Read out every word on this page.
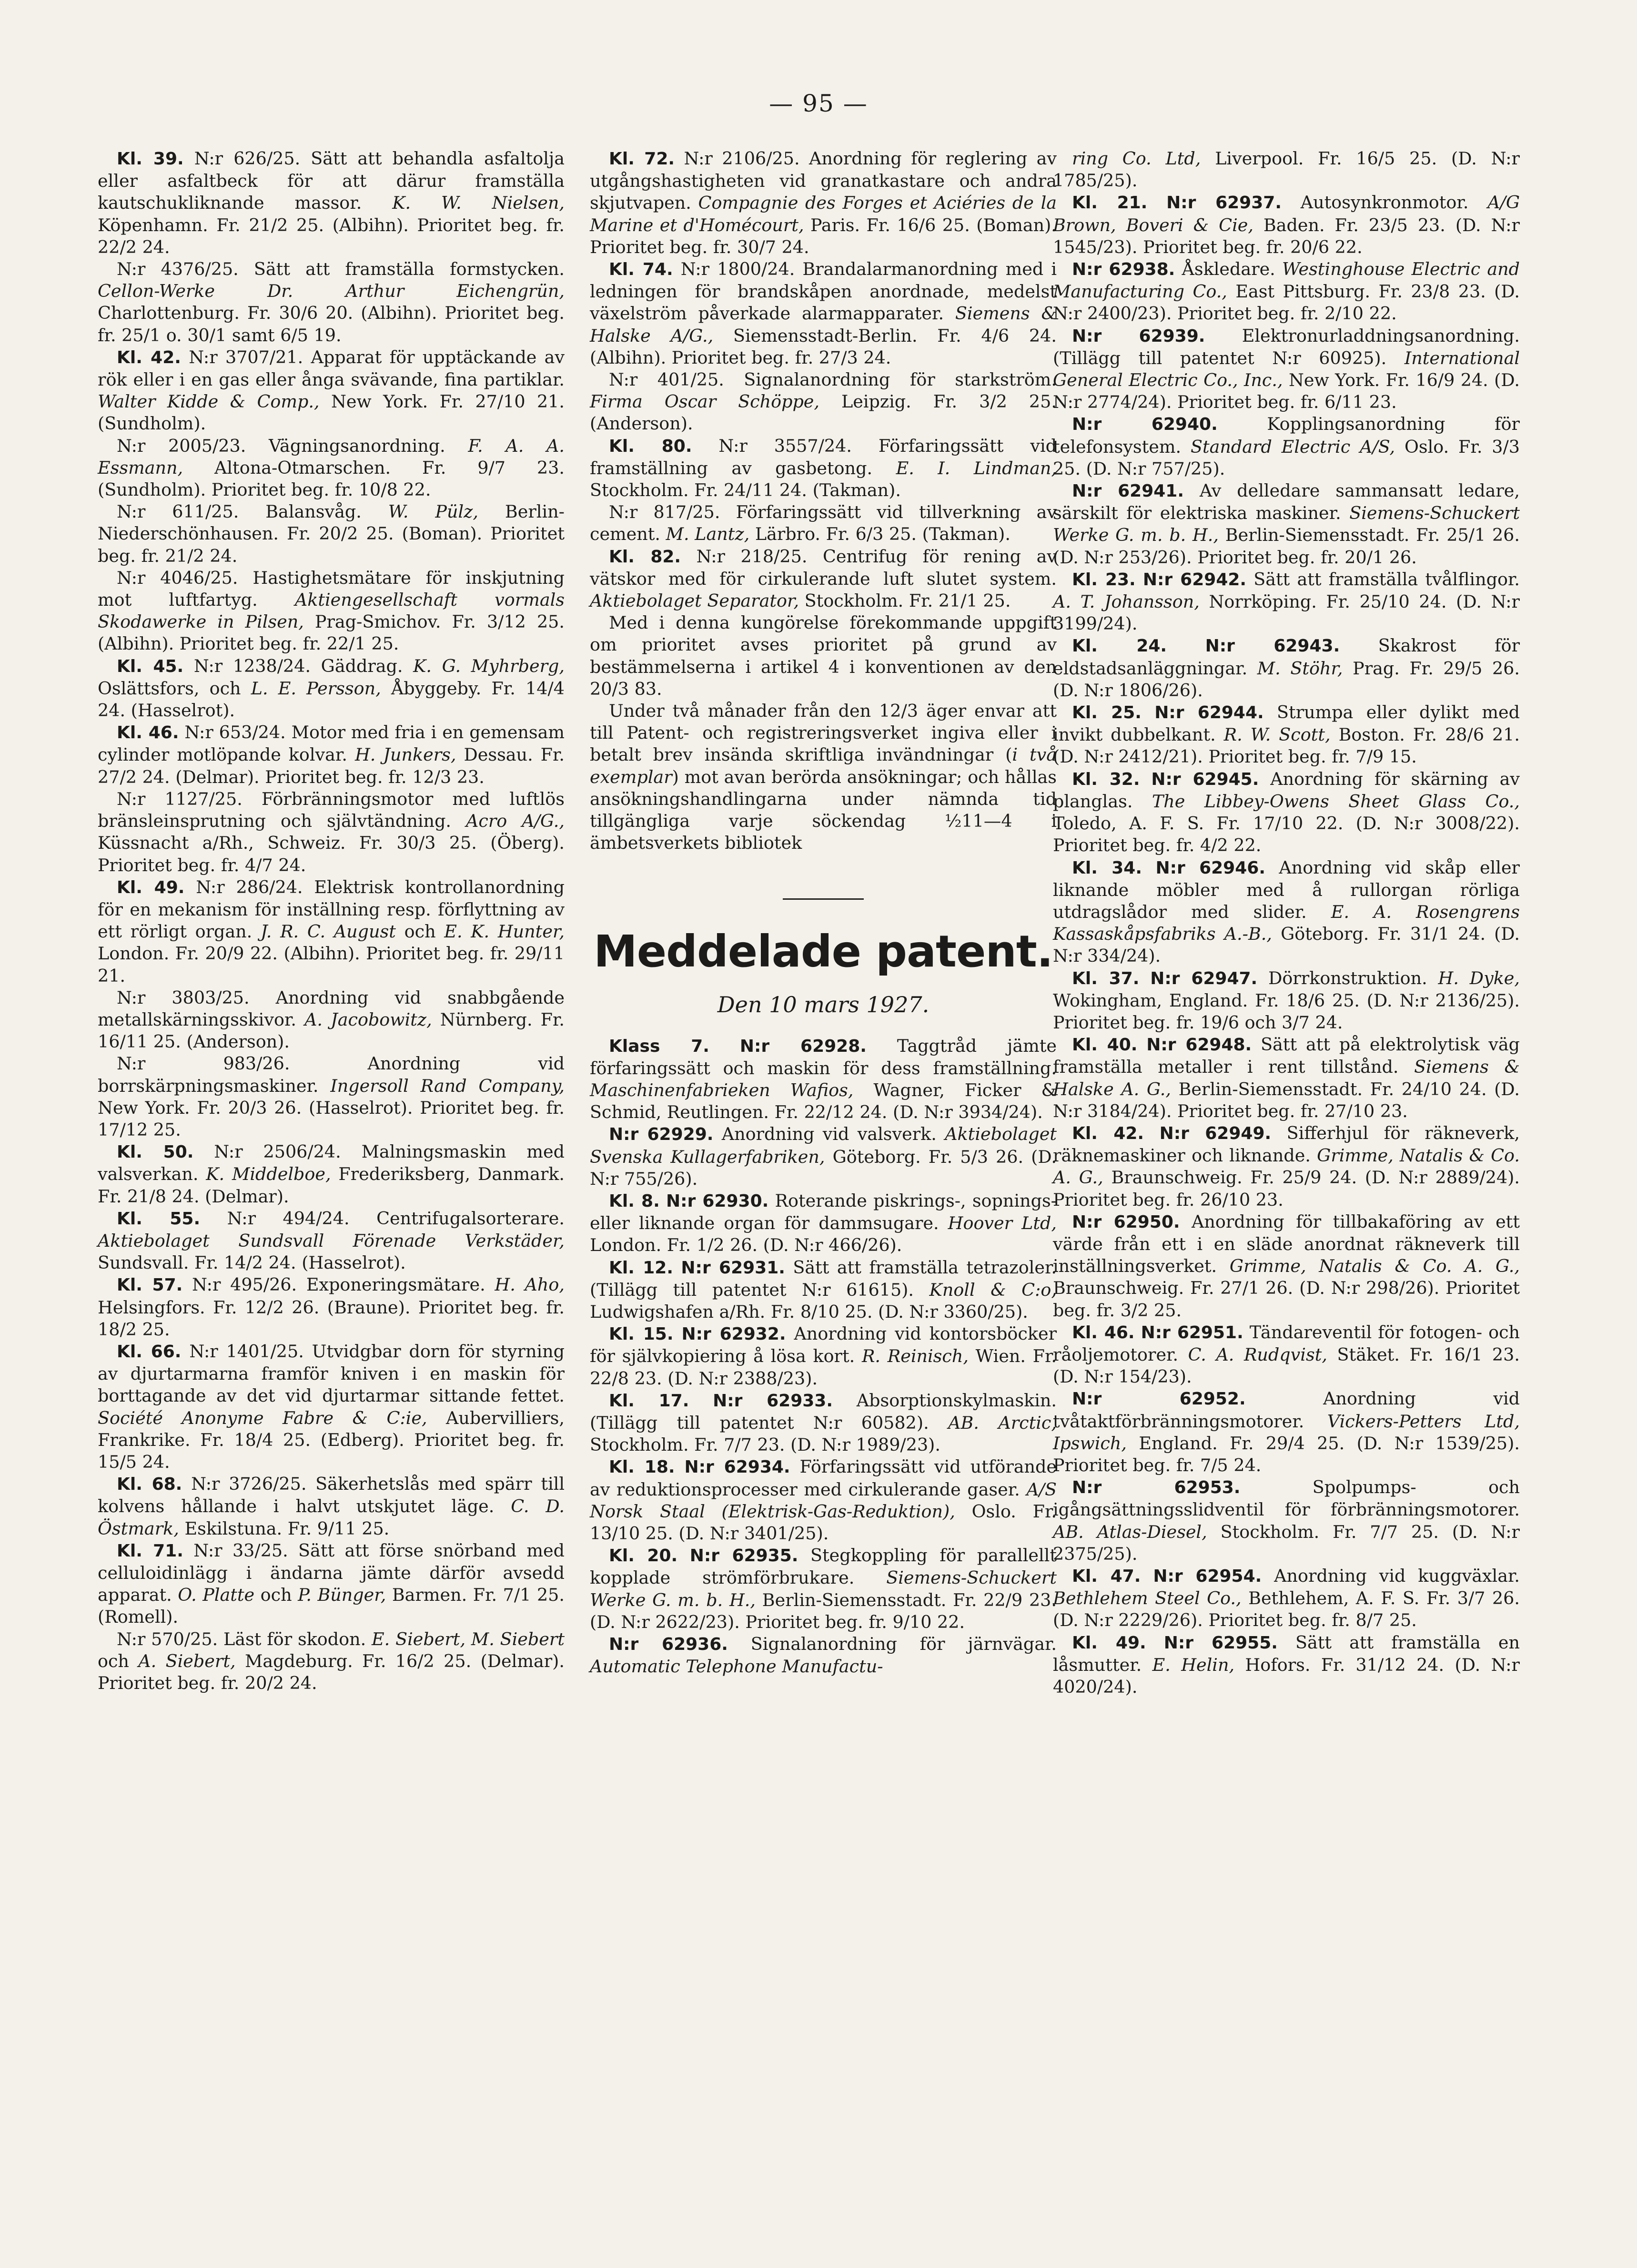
— 95 —

Kl. 39. N:r 626/25. Sätt att behandla asfaltolja eller asfaltbeck för att därur framställa kautschukliknande massor. K. W. Nielsen, Köpenhamn. Fr. 21/2 25. (Albihn). Prioritet beg. fr. 22/2 24.

N:r 4376/25. Sätt att framställa formstycken. Cellon-Werke Dr. Arthur Eichengrün, Charlottenburg. Fr. 30/6 20. (Albihn). Prioritet beg. fr. 25/1 o. 30/1 samt 6/5 19.

Kl. 42. N:r 3707/21. Apparat för upptäckande av rök eller i en gas eller ånga svävande, fina partiklar. Walter Kidde & Comp., New York. Fr. 27/10 21. (Sundholm).

N:r 2005/23. Vägningsanordning. F. A. A. Essmann, Altona-Otmarschen. Fr. 9/7 23. (Sundholm). Prioritet beg. fr. 10/8 22.

N:r 611/25. Balansvåg. W. Pülz, Berlin-Niederschönhausen. Fr. 20/2 25. (Boman). Prioritet beg. fr. 21/2 24.

N:r 4046/25. Hastighetsmätare för inskjutning mot luftfartyg. Aktiengesellschaft vormals Skodawerke in Pilsen, Prag-Smichov. Fr. 3/12 25. (Albihn). Prioritet beg. fr. 22/1 25.

Kl. 45. N:r 1238/24. Gäddrag. K. G. Myhrberg, Oslättsfors, och L. E. Persson, Åbyggeby. Fr. 14/4 24. (Hasselrot).

Kl. 46. N:r 653/24. Motor med fria i en gemensam cylinder motlöpande kolvar. H. Junkers, Dessau. Fr. 27/2 24. (Delmar). Prioritet beg. fr. 12/3 23.

N:r 1127/25. Förbränningsmotor med luftlös bränsleinsprutning och självtändning. Acro A/G., Küssnacht a/Rh., Schweiz. Fr. 30/3 25. (Öberg). Prioritet beg. fr. 4/7 24.

Kl. 49. N:r 286/24. Elektrisk kontrollanordning för en mekanism för inställning resp. förflyttning av ett rörligt organ. J. R. C. August och E. K. Hunter, London. Fr. 20/9 22. (Albihn). Prioritet beg. fr. 29/11 21.

N:r 3803/25. Anordning vid snabbgående metallskärningsskivor. A. Jacobowitz, Nürnberg. Fr. 16/11 25. (Anderson).

N:r 983/26. Anordning vid borrskärpningsmaskiner. Ingersoll Rand Company, New York. Fr. 20/3 26. (Hasselrot). Prioritet beg. fr. 17/12 25.

Kl. 50. N:r 2506/24. Malningsmaskin med valsverkan. K. Middelboe, Frederiksberg, Danmark. Fr. 21/8 24. (Delmar).

Kl. 55. N:r 494/24. Centrifugalsorterare. Aktiebolaget Sundsvall Förenade Verkstäder, Sundsvall. Fr. 14/2 24. (Hasselrot).

Kl. 57. N:r 495/26. Exponeringsmätare. H. Aho, Helsingfors. Fr. 12/2 26. (Braune). Prioritet beg. fr. 18/2 25.

Kl. 66. N:r 1401/25. Utvidgbar dorn för styrning av djurtarmarna framför kniven i en maskin för borttagande av det vid djurtarmar sittande fettet. Société Anonyme Fabre & C:ie, Aubervilliers, Frankrike. Fr. 18/4 25. (Edberg). Prioritet beg. fr. 15/5 24.

Kl. 68. N:r 3726/25. Säkerhetslås med spärr till kolvens hållande i halvt utskjutet läge. C. D. Östmark, Eskilstuna. Fr. 9/11 25.

Kl. 71. N:r 33/25. Sätt att förse snörband med celluloidinlägg i ändarna jämte därför avsedd apparat. O. Platte och P. Bünger, Barmen. Fr. 7/1 25. (Romell).

N:r 570/25. Läst för skodon. E. Siebert, M. Siebert och A. Siebert, Magdeburg. Fr. 16/2 25. (Delmar). Prioritet beg. fr. 20/2 24.

Kl. 72. N:r 2106/25. Anordning för reglering av utgångshastigheten vid granatkastare och andra skjutvapen. Compagnie des Forges et Aciéries de la Marine et d'Homécourt, Paris. Fr. 16/6 25. (Boman). Prioritet beg. fr. 30/7 24.

Kl. 74. N:r 1800/24. Brandalarmanordning med i ledningen för brandskåpen anordnade, medelst växelström påverkade alarmapparater. Siemens & Halske A/G., Siemensstadt-Berlin. Fr. 4/6 24. (Albihn). Prioritet beg. fr. 27/3 24.

N:r 401/25. Signalanordning för starkström. Firma Oscar Schöppe, Leipzig. Fr. 3/2 25. (Anderson).

Kl. 80. N:r 3557/24. Förfaringssätt vid framställning av gasbetong. E. I. Lindman, Stockholm. Fr. 24/11 24. (Takman).

N:r 817/25. Förfaringssätt vid tillverkning av cement. M. Lantz, Lärbro. Fr. 6/3 25. (Takman).

Kl. 82. N:r 218/25. Centrifug för rening av vätskor med för cirkulerande luft slutet system. Aktiebolaget Separator, Stockholm. Fr. 21/1 25.

Med i denna kungörelse förekommande uppgift om prioritet avses prioritet på grund av bestämmelserna i artikel 4 i konventionen av den 20/3 83.

Under två månader från den 12/3 äger envar att till Patent- och registreringsverket ingiva eller i betalt brev insända skriftliga invändningar (i två exemplar) mot avan berörda ansökningar; och hållas ansökningshandlingarna under nämnda tid tillgängliga varje söckendag ½11—4 i ämbetsverkets bibliotek

Meddelade patent.
Den 10 mars 1927.

Klass 7. N:r 62928. Taggtråd jämte förfaringssätt och maskin för dess framställning. Maschinenfabrieken Wafios, Wagner, Ficker & Schmid, Reutlingen. Fr. 22/12 24. (D. N:r 3934/24).

N:r 62929. Anordning vid valsverk. Aktiebolaget Svenska Kullagerfabriken, Göteborg. Fr. 5/3 26. (D. N:r 755/26).

Kl. 8. N:r 62930. Roterande piskrings-, sopnings- eller liknande organ för dammsugare. Hoover Ltd, London. Fr. 1/2 26. (D. N:r 466/26).

Kl. 12. N:r 62931. Sätt att framställa tetrazoler. (Tillägg till patentet N:r 61615). Knoll & C:o, Ludwigshafen a/Rh. Fr. 8/10 25. (D. N:r 3360/25).

Kl. 15. N:r 62932. Anordning vid kontorsböcker för självkopiering å lösa kort. R. Reinisch, Wien. Fr. 22/8 23. (D. N:r 2388/23).

Kl. 17. N:r 62933. Absorptionskylmaskin. (Tillägg till patentet N:r 60582). AB. Arctic, Stockholm. Fr. 7/7 23. (D. N:r 1989/23).

Kl. 18. N:r 62934. Förfaringssätt vid utförande av reduktionsprocesser med cirkulerande gaser. A/S Norsk Staal (Elektrisk-Gas-Reduktion), Oslo. Fr. 13/10 25. (D. N:r 3401/25).

Kl. 20. N:r 62935. Stegkoppling för parallellt kopplade strömförbrukare. Siemens-Schuckert Werke G. m. b. H., Berlin-Siemensstadt. Fr. 22/9 23. (D. N:r 2622/23). Prioritet beg. fr. 9/10 22.

N:r 62936. Signalanordning för järnvägar. Automatic Telephone Manufactu-

ring Co. Ltd, Liverpool. Fr. 16/5 25. (D. N:r 1785/25).

Kl. 21. N:r 62937. Autosynkronmotor. A/G Brown, Boveri & Cie, Baden. Fr. 23/5 23. (D. N:r 1545/23). Prioritet beg. fr. 20/6 22.

N:r 62938. Åskledare. Westinghouse Electric and Manufacturing Co., East Pittsburg. Fr. 23/8 23. (D. N:r 2400/23). Prioritet beg. fr. 2/10 22.

N:r 62939. Elektronurladdningsanordning. (Tillägg till patentet N:r 60925). International General Electric Co., Inc., New York. Fr. 16/9 24. (D. N:r 2774/24). Prioritet beg. fr. 6/11 23.

N:r 62940. Kopplingsanordning för telefonsystem. Standard Electric A/S, Oslo. Fr. 3/3 25. (D. N:r 757/25).

N:r 62941. Av delledare sammansatt ledare, särskilt för elektriska maskiner. Siemens-Schuckert Werke G. m. b. H., Berlin-Siemensstadt. Fr. 25/1 26. (D. N:r 253/26). Prioritet beg. fr. 20/1 26.

Kl. 23. N:r 62942. Sätt att framställa tvålflingor. A. T. Johansson, Norrköping. Fr. 25/10 24. (D. N:r 3199/24).

Kl. 24. N:r 62943. Skakrost för eldstadsanläggningar. M. Stöhr, Prag. Fr. 29/5 26. (D. N:r 1806/26).

Kl. 25. N:r 62944. Strumpa eller dylikt med invikt dubbelkant. R. W. Scott, Boston. Fr. 28/6 21. (D. N:r 2412/21). Prioritet beg. fr. 7/9 15.

Kl. 32. N:r 62945. Anordning för skärning av planglas. The Libbey-Owens Sheet Glass Co., Toledo, A. F. S. Fr. 17/10 22. (D. N:r 3008/22). Prioritet beg. fr. 4/2 22.

Kl. 34. N:r 62946. Anordning vid skåp eller liknande möbler med å rullorgan rörliga utdragslådor med slider. E. A. Rosengrens Kassaskåpsfabriks A.-B., Göteborg. Fr. 31/1 24. (D. N:r 334/24).

Kl. 37. N:r 62947. Dörrkonstruktion. H. Dyke, Wokingham, England. Fr. 18/6 25. (D. N:r 2136/25). Prioritet beg. fr. 19/6 och 3/7 24.

Kl. 40. N:r 62948. Sätt att på elektrolytisk väg framställa metaller i rent tillstånd. Siemens & Halske A. G., Berlin-Siemensstadt. Fr. 24/10 24. (D. N:r 3184/24). Prioritet beg. fr. 27/10 23.

Kl. 42. N:r 62949. Sifferhjul för räkneverk, räknemaskiner och liknande. Grimme, Natalis & Co. A. G., Braunschweig. Fr. 25/9 24. (D. N:r 2889/24). Prioritet beg. fr. 26/10 23.

N:r 62950. Anordning för tillbakaföring av ett värde från ett i en släde anordnat räkneverk till inställningsverket. Grimme, Natalis & Co. A. G., Braunschweig. Fr. 27/1 26. (D. N:r 298/26). Prioritet beg. fr. 3/2 25.

Kl. 46. N:r 62951. Tändareventil för fotogen- och råoljemotorer. C. A. Rudqvist, Stäket. Fr. 16/1 23. (D. N:r 154/23).

N:r 62952. Anordning vid tvåtaktförbränningsmotorer. Vickers-Petters Ltd, Ipswich, England. Fr. 29/4 25. (D. N:r 1539/25). Prioritet beg. fr. 7/5 24.

N:r 62953. Spolpumps- och igångsättningsslidventil för förbränningsmotorer. AB. Atlas-Diesel, Stockholm. Fr. 7/7 25. (D. N:r 2375/25).

Kl. 47. N:r 62954. Anordning vid kuggväxlar. Bethlehem Steel Co., Bethlehem, A. F. S. Fr. 3/7 26. (D. N:r 2229/26). Prioritet beg. fr. 8/7 25.

Kl. 49. N:r 62955. Sätt att framställa en låsmutter. E. Helin, Hofors. Fr. 31/12 24. (D. N:r 4020/24).
